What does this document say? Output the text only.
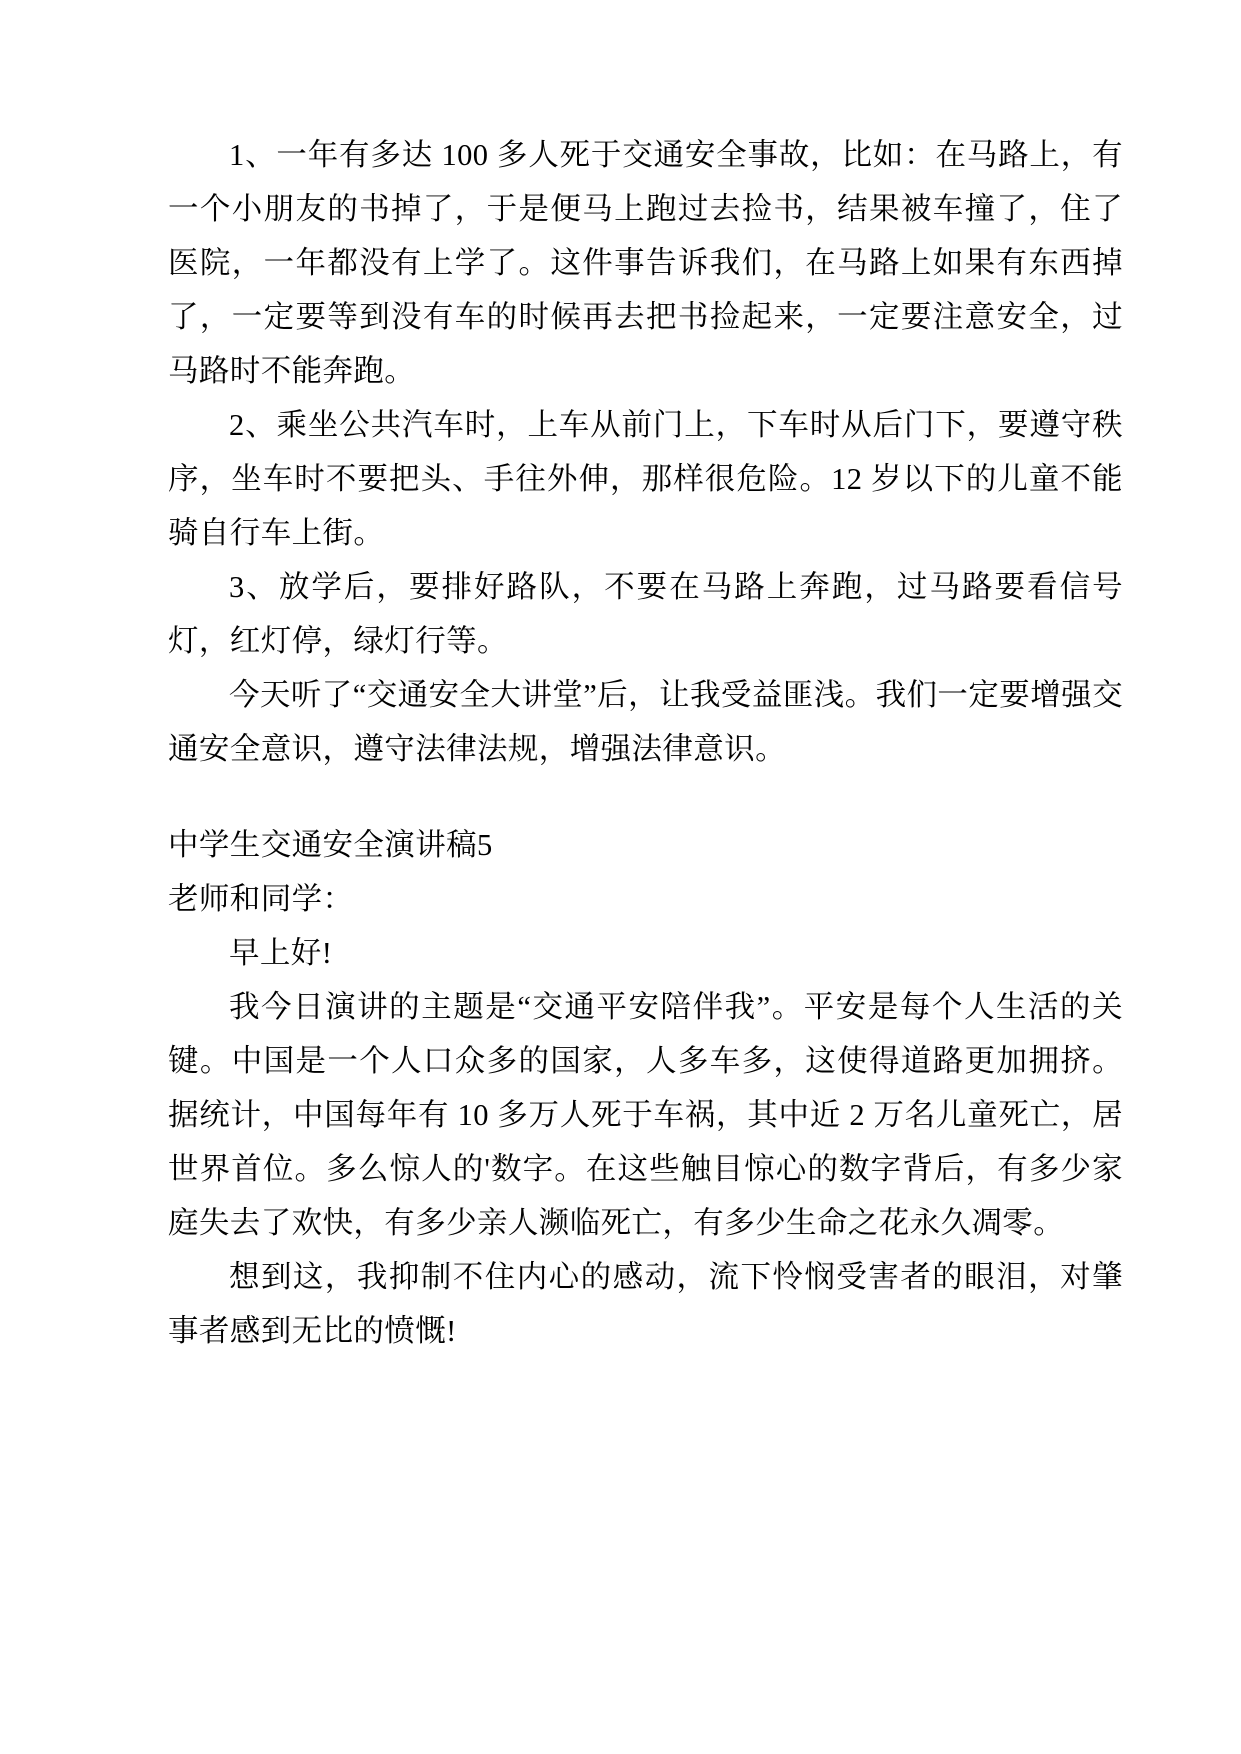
1、一年有多达 100 多人死于交通安全事故，比如：在马路上，有一个小朋友的书掉了，于是便马上跑过去捡书，结果被车撞了，住了医院，一年都没有上学了。这件事告诉我们，在马路上如果有东西掉了，一定要等到没有车的时候再去把书捡起来，一定要注意安全，过马路时不能奔跑。

2、乘坐公共汽车时，上车从前门上，下车时从后门下，要遵守秩序，坐车时不要把头、手往外伸，那样很危险。12 岁以下的儿童不能骑自行车上街。

3、放学后，要排好路队，不要在马路上奔跑，过马路要看信号灯，红灯停，绿灯行等。

今天听了“交通安全大讲堂”后，让我受益匪浅。我们一定要增强交通安全意识，遵守法律法规，增强法律意识。

中学生交通安全演讲稿5

老师和同学：

早上好!

我今日演讲的主题是“交通平安陪伴我”。平安是每个人生活的关键。中国是一个人口众多的国家，人多车多，这使得道路更加拥挤。据统计，中国每年有 10 多万人死于车祸，其中近 2 万名儿童死亡，居世界首位。多么惊人的'数字。在这些触目惊心的数字背后，有多少家庭失去了欢快，有多少亲人濒临死亡，有多少生命之花永久凋零。

想到这，我抑制不住内心的感动，流下怜悯受害者的眼泪，对肇事者感到无比的愤慨!
